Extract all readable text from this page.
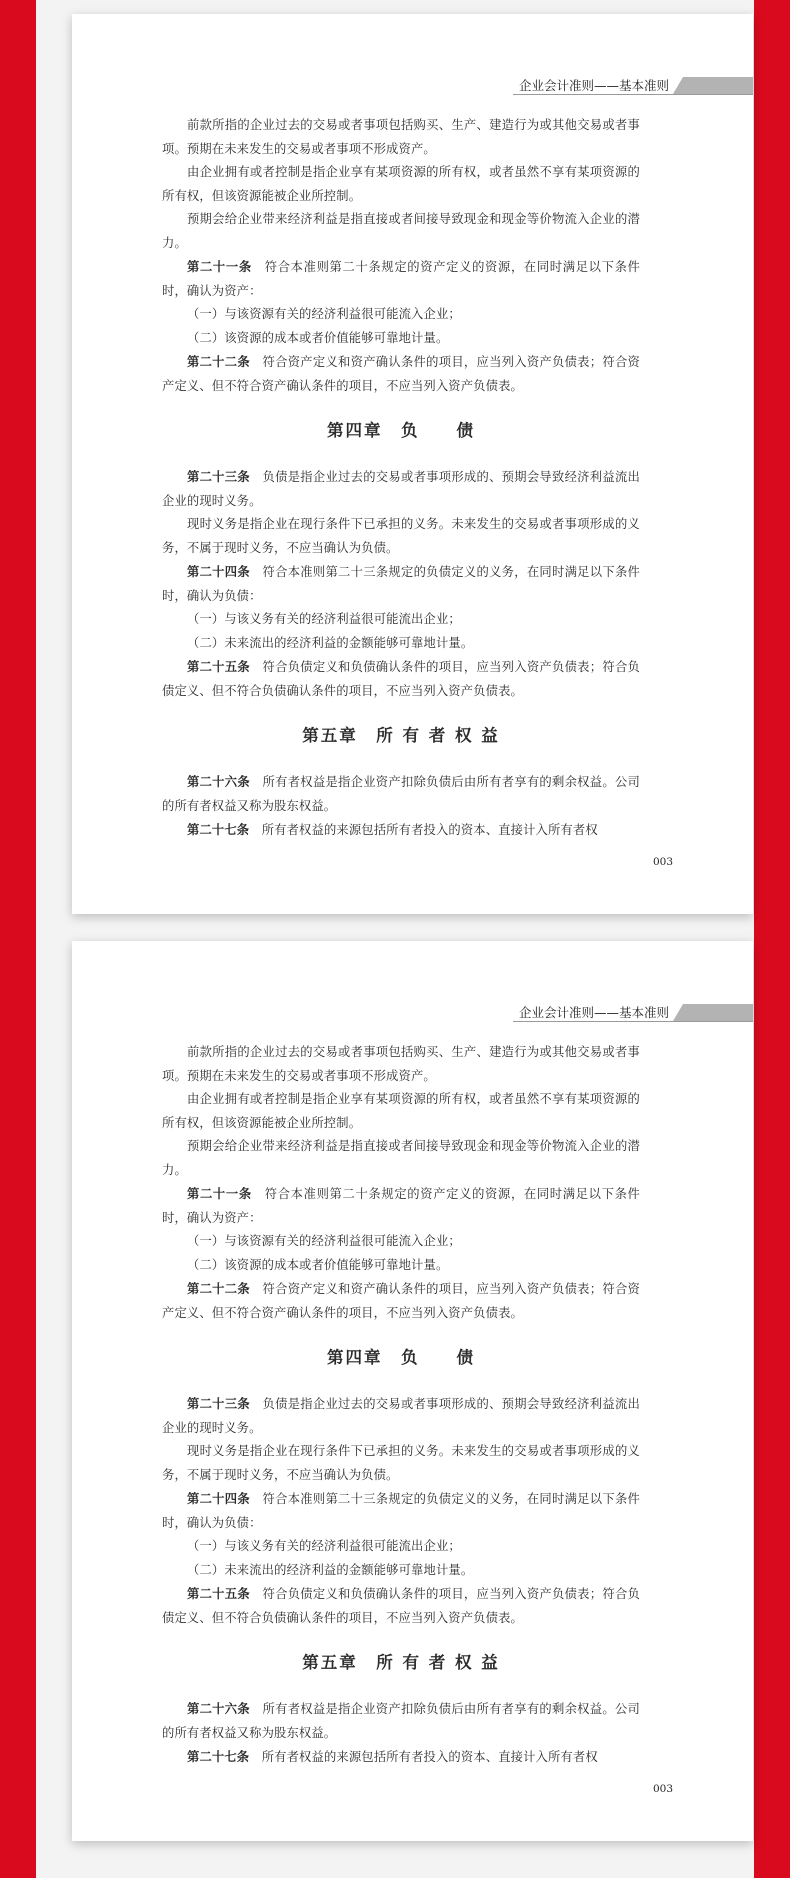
企业会计准则——基本准则

前款所指的企业过去的交易或者事项包括购买、生产、建造行为或其他交易或者事项。预期在未来发生的交易或者事项不形成资产。

由企业拥有或者控制是指企业享有某项资源的所有权，或者虽然不享有某项资源的所有权，但该资源能被企业所控制。

预期会给企业带来经济利益是指直接或者间接导致现金和现金等价物流入企业的潜力。

第二十一条　 符合本准则第二十条规定的资产定义的资源，在同时满足以下条件时，确认为资产：

（一）与该资源有关的经济利益很可能流入企业；

（二）该资源的成本或者价值能够可靠地计量。

第二十二条　 符合资产定义和资产确认条件的项目，应当列入资产负债表；符合资产定义、但不符合资产确认条件的项目，不应当列入资产负债表。

第四章　负　　债

第二十三条　 负债是指企业过去的交易或者事项形成的、预期会导致经济利益流出企业的现时义务。

现时义务是指企业在现行条件下已承担的义务。未来发生的交易或者事项形成的义务，不属于现时义务，不应当确认为负债。

第二十四条　 符合本准则第二十三条规定的负债定义的义务，在同时满足以下条件时，确认为负债：

（一）与该义务有关的经济利益很可能流出企业；

（二）未来流出的经济利益的金额能够可靠地计量。

第二十五条　 符合负债定义和负债确认条件的项目，应当列入资产负债表；符合负债定义、但不符合负债确认条件的项目，不应当列入资产负债表。

第五章　所 有 者 权 益

第二十六条　 所有者权益是指企业资产扣除负债后由所有者享有的剩余权益。公司的所有者权益又称为股东权益。

第二十七条　 所有者权益的来源包括所有者投入的资本、直接计入所有者权

003
企业会计准则——基本准则

前款所指的企业过去的交易或者事项包括购买、生产、建造行为或其他交易或者事项。预期在未来发生的交易或者事项不形成资产。

由企业拥有或者控制是指企业享有某项资源的所有权，或者虽然不享有某项资源的所有权，但该资源能被企业所控制。

预期会给企业带来经济利益是指直接或者间接导致现金和现金等价物流入企业的潜力。

第二十一条　 符合本准则第二十条规定的资产定义的资源，在同时满足以下条件时，确认为资产：

（一）与该资源有关的经济利益很可能流入企业；

（二）该资源的成本或者价值能够可靠地计量。

第二十二条　 符合资产定义和资产确认条件的项目，应当列入资产负债表；符合资产定义、但不符合资产确认条件的项目，不应当列入资产负债表。

第四章　负　　债

第二十三条　 负债是指企业过去的交易或者事项形成的、预期会导致经济利益流出企业的现时义务。

现时义务是指企业在现行条件下已承担的义务。未来发生的交易或者事项形成的义务，不属于现时义务，不应当确认为负债。

第二十四条　 符合本准则第二十三条规定的负债定义的义务，在同时满足以下条件时，确认为负债：

（一）与该义务有关的经济利益很可能流出企业；

（二）未来流出的经济利益的金额能够可靠地计量。

第二十五条　 符合负债定义和负债确认条件的项目，应当列入资产负债表；符合负债定义、但不符合负债确认条件的项目，不应当列入资产负债表。

第五章　所 有 者 权 益

第二十六条　 所有者权益是指企业资产扣除负债后由所有者享有的剩余权益。公司的所有者权益又称为股东权益。

第二十七条　 所有者权益的来源包括所有者投入的资本、直接计入所有者权

003
